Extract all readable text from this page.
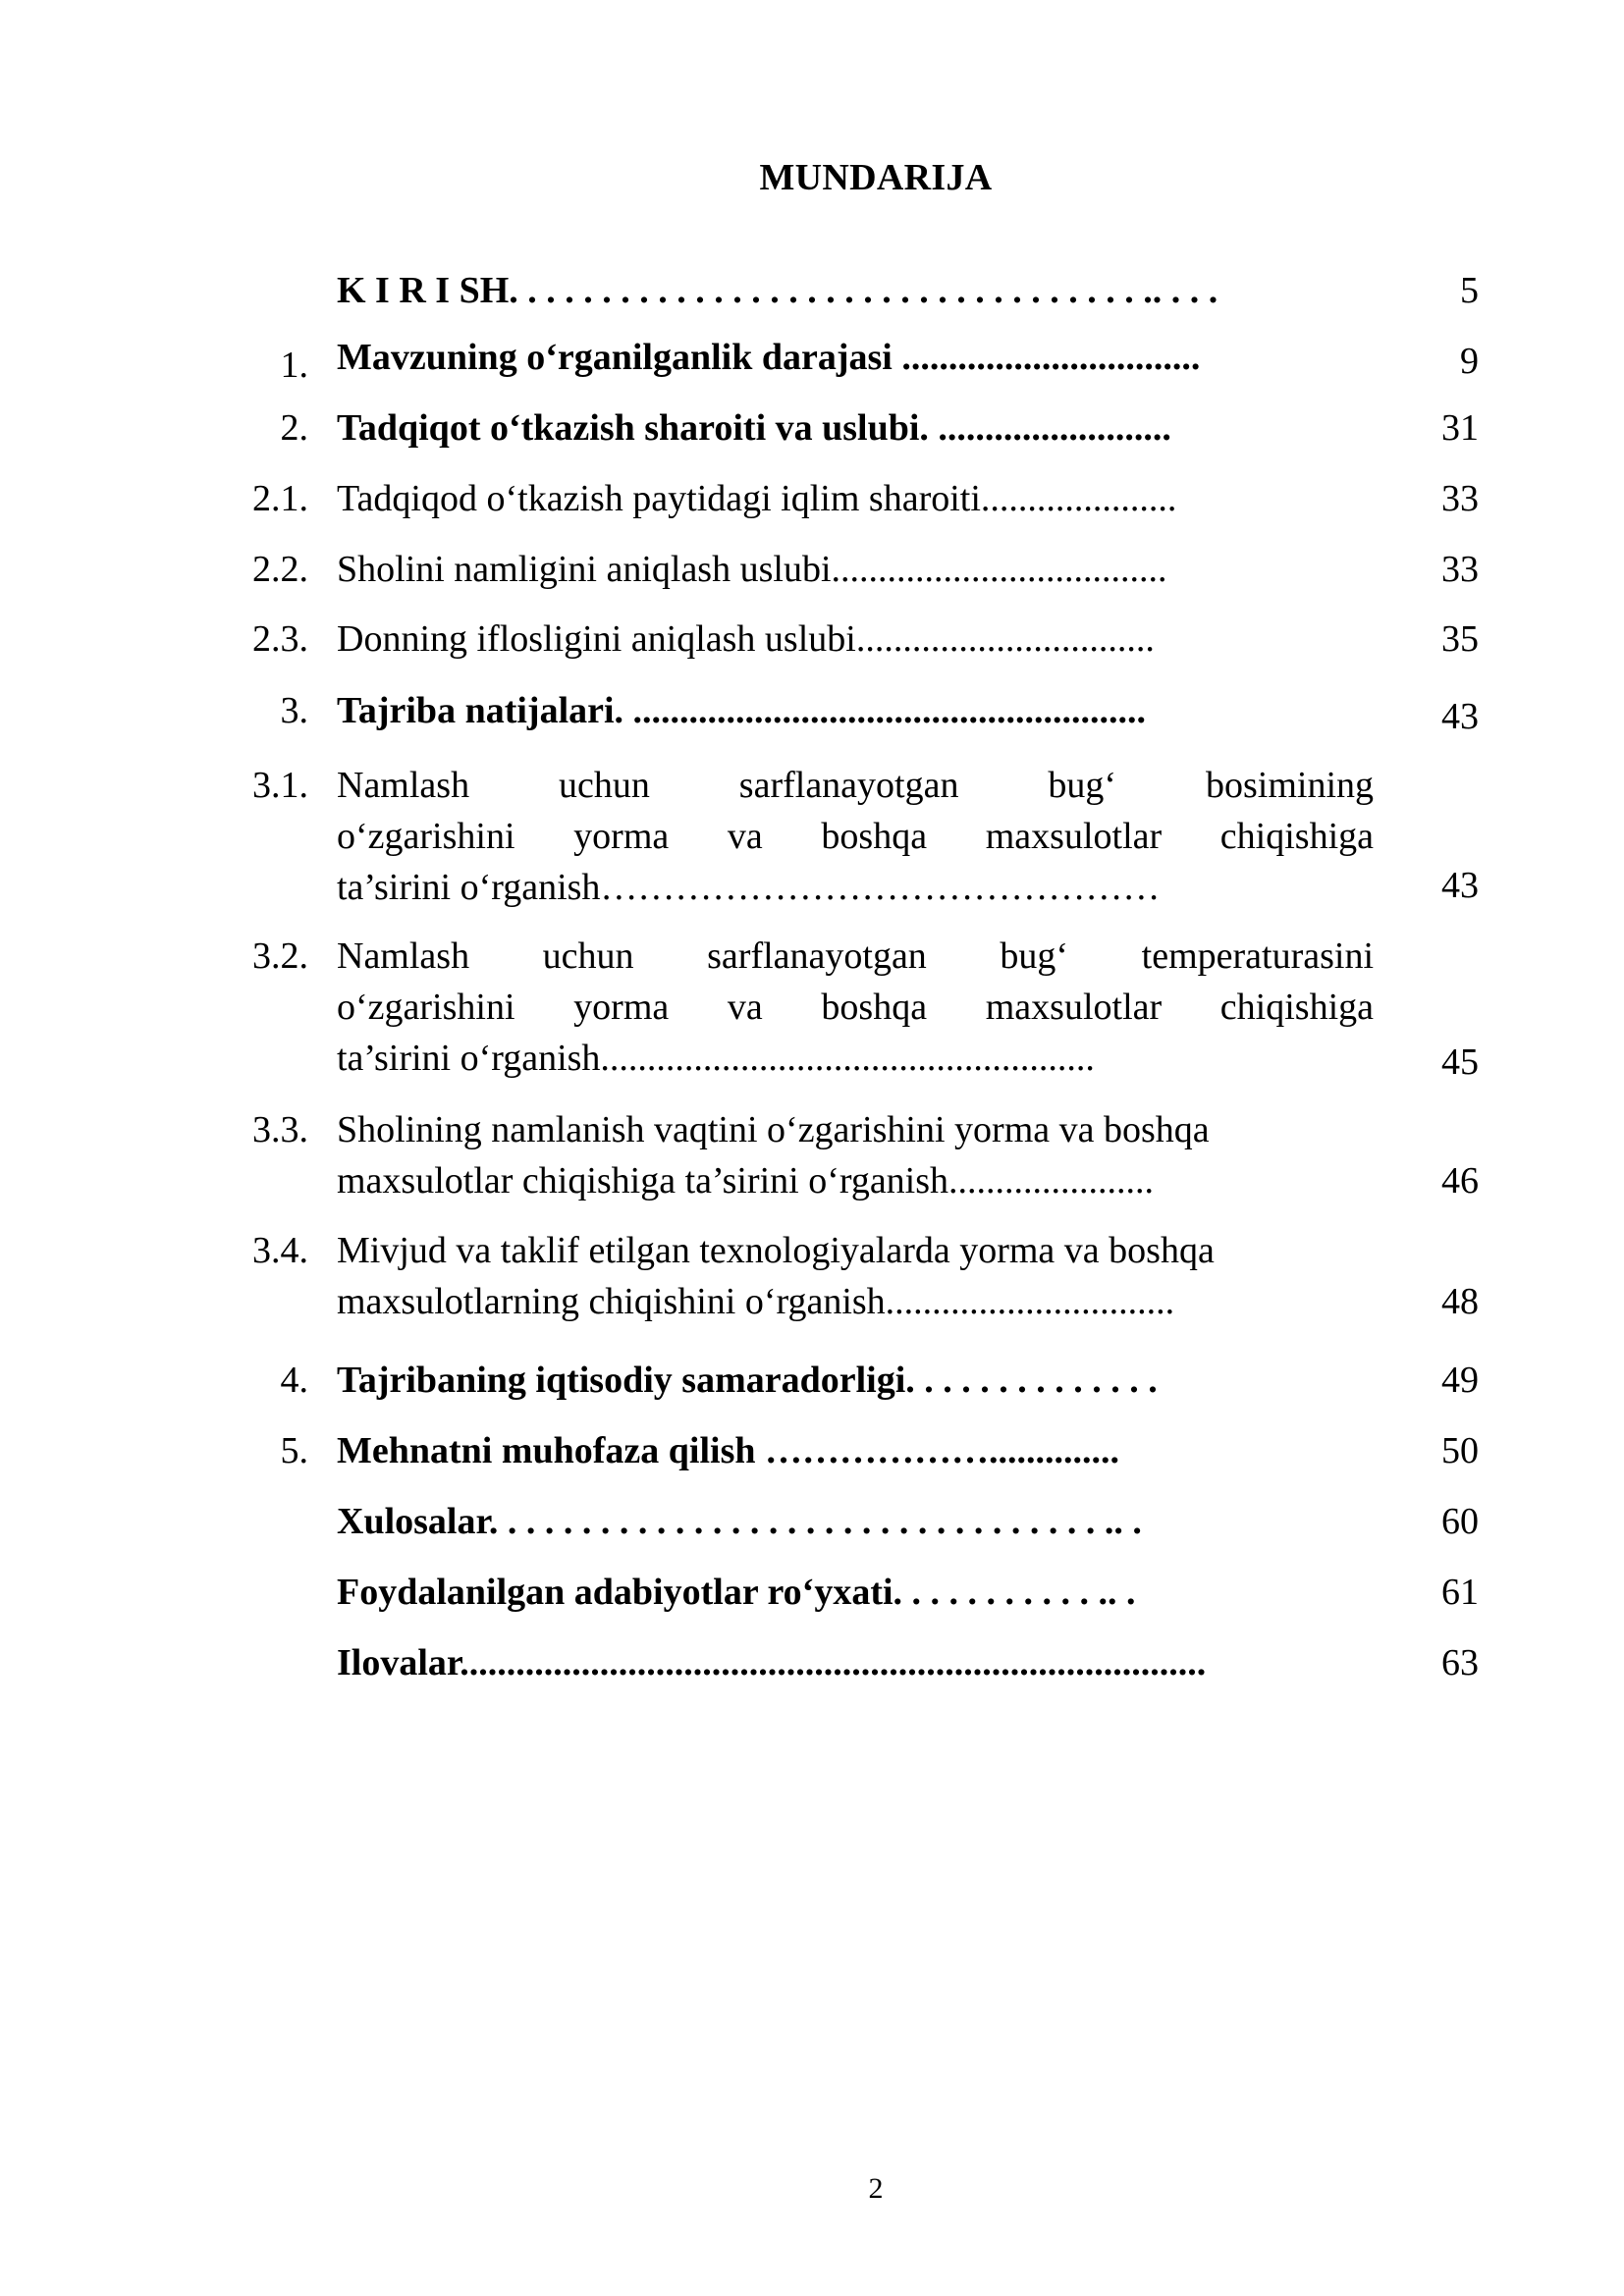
MUNDARIJA
K I R I SH. . . . . . . . . . . . . . . . . . . . . . . . . . . . . . . . . . .. . . .	5
1. Mavzuning o‘rganilganlik darajasi ................................	9
2. Tadqiqot o‘tkazish sharoiti va uslubi. .........................	31
2.1. Tadqiqod o‘tkazish paytidagi iqlim sharoiti.....................	33
2.2. Sholini namligini aniqlash uslubi....................................	33
2.3. Donning iflosligini aniqlash uslubi................................	35
3. Tajriba natijalari. .......................................................	43
3.1. Namlash uchun sarflanayotgan bug‘ bosimining
o‘zgarishini yorma va boshqa maxsulotlar chiqishiga
ta’sirini o‘rganish………………………………………	43
3.2. Namlash uchun sarflanayotgan bug‘ temperaturasini
o‘zgarishini yorma va boshqa maxsulotlar chiqishiga
ta’sirini o‘rganish.....................................................	45
3.3. Sholining namlanish vaqtini o‘zgarishini yorma va boshqa
maxsulotlar chiqishiga ta’sirini o‘rganish......................	46
3.4. Mivjud va taklif etilgan texnologiyalarda yorma va boshqa
maxsulotlarning chiqishini o‘rganish...............................	48
4. Tajribaning iqtisodiy samaradorligi. . . . . . . . . . . . . .	49
5. Mehnatni muhofaza qilish ………………..............	50
Xulosalar. . . . . . . . . . . . . . . . . . . . . . . . . . . . . . . . . .. .	60
Foydalanilgan adabiyotlar ro‘yxati. . . . . . . . . . . .. .	61
Ilovalar................................................................................	63
2
